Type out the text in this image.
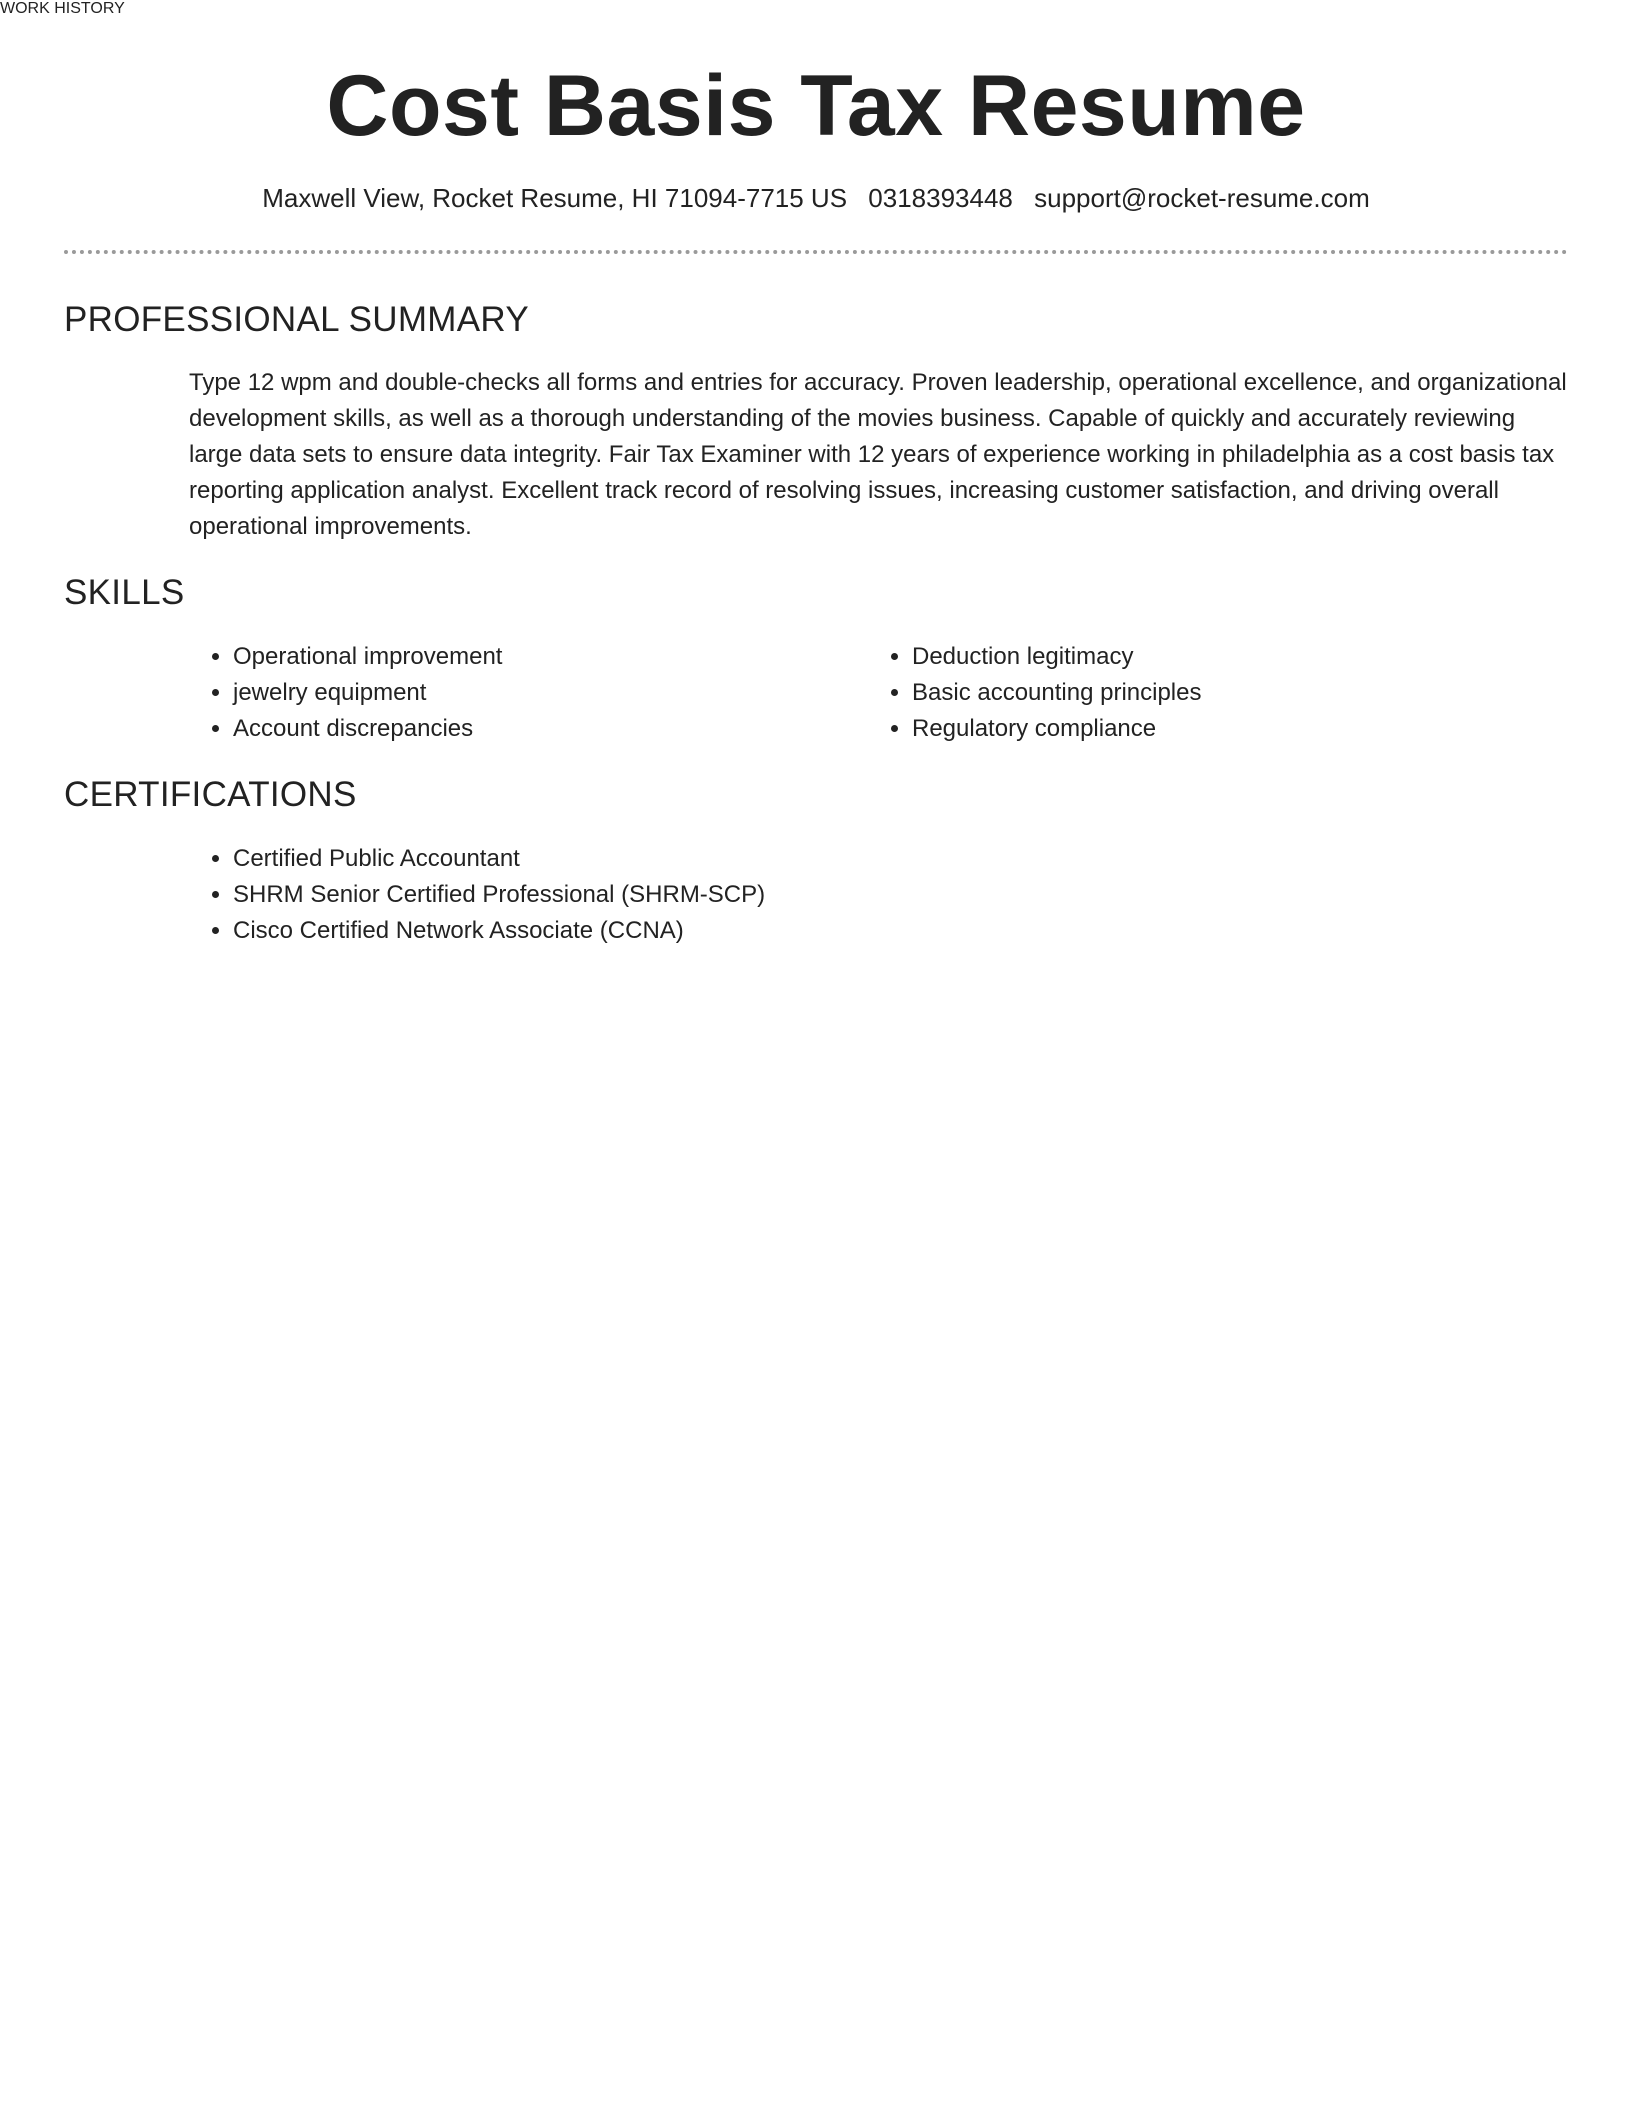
Cost Basis Tax Resume
Maxwell View, Rocket Resume, HI 71094-7715 US 0318393448 support@rocket-resume.com
PROFESSIONAL SUMMARY

Type 12 wpm and double-checks all forms and entries for accuracy. Proven leadership, operational excellence, and organizational development skills, as well as a thorough understanding of the movies business. Capable of quickly and accurately reviewing large data sets to ensure data integrity. Fair Tax Examiner with 12 years of experience working in philadelphia as a cost basis tax reporting application analyst. Excellent track record of resolving issues, increasing customer satisfaction, and driving overall operational improvements.

SKILLS
• Operational improvement
• jewelry equipment
• Account discrepancies
• Deduction legitimacy
• Basic accounting principles
• Regulatory compliance
CERTIFICATIONS
• Certified Public Accountant
• SHRM Senior Certified Professional (SHRM-SCP)
• Cisco Certified Network Associate (CCNA)
WORK HISTORY
